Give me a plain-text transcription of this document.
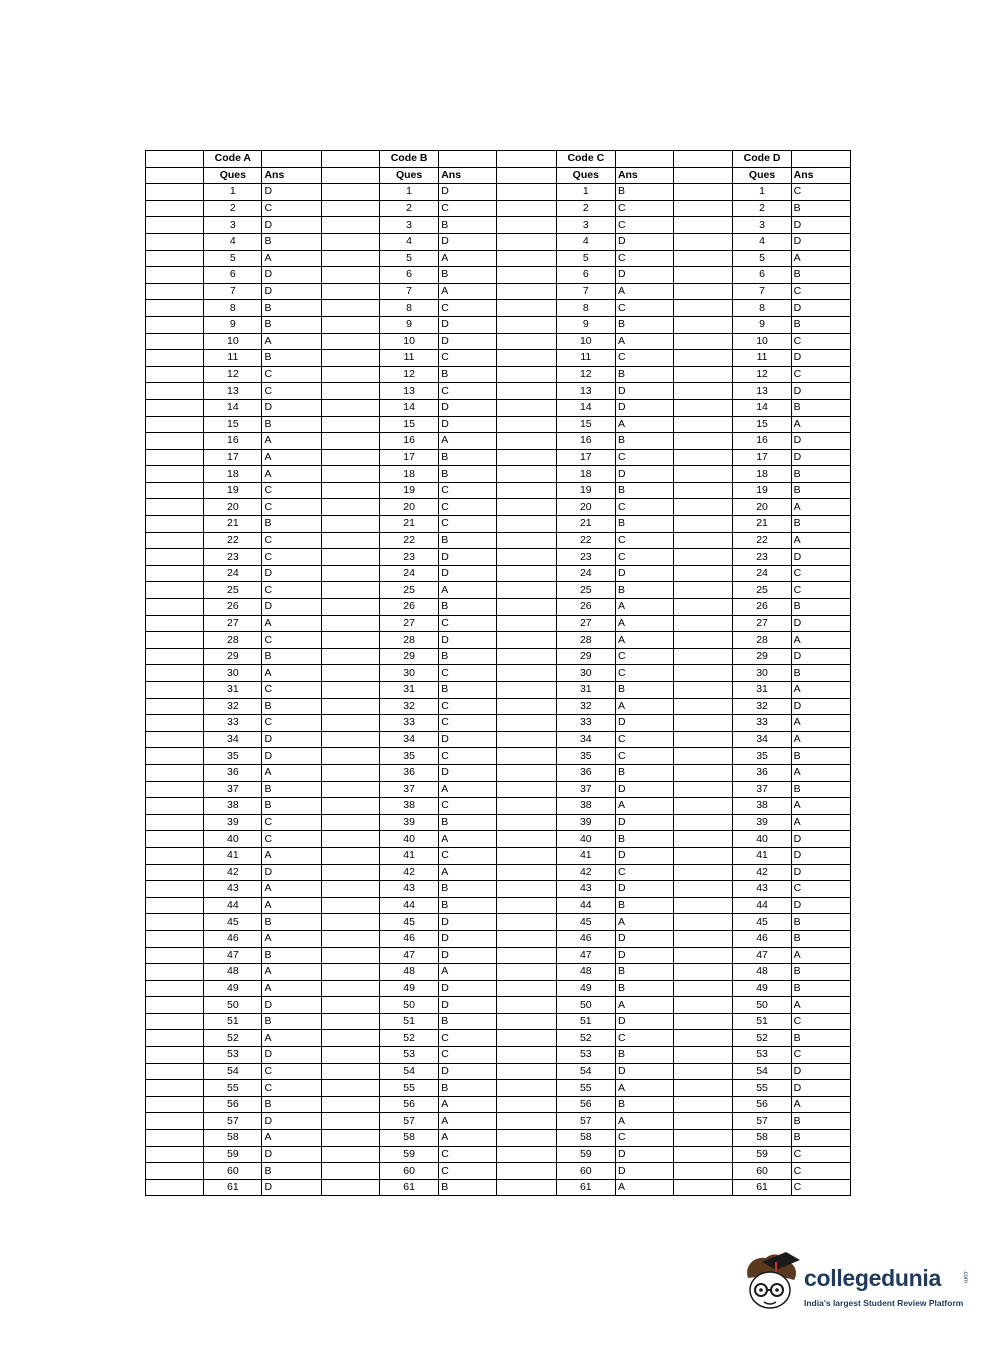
	Code A			Code B			Code C			Code D	
	Ques	Ans		Ques	Ans		Ques	Ans		Ques	Ans
	1	D		1	D		1	B		1	C
	2	C		2	C		2	C		2	B
	3	D		3	B		3	C		3	D
	4	B		4	D		4	D		4	D
	5	A		5	A		5	C		5	A
	6	D		6	B		6	D		6	B
	7	D		7	A		7	A		7	C
	8	B		8	C		8	C		8	D
	9	B		9	D		9	B		9	B
	10	A		10	D		10	A		10	C
	11	B		11	C		11	C		11	D
	12	C		12	B		12	B		12	C
	13	C		13	C		13	D		13	D
	14	D		14	D		14	D		14	B
	15	B		15	D		15	A		15	A
	16	A		16	A		16	B		16	D
	17	A		17	B		17	C		17	D
	18	A		18	B		18	D		18	B
	19	C		19	C		19	B		19	B
	20	C		20	C		20	C		20	A
	21	B		21	C		21	B		21	B
	22	C		22	B		22	C		22	A
	23	C		23	D		23	C		23	D
	24	D		24	D		24	D		24	C
	25	C		25	A		25	B		25	C
	26	D		26	B		26	A		26	B
	27	A		27	C		27	A		27	D
	28	C		28	D		28	A		28	A
	29	B		29	B		29	C		29	D
	30	A		30	C		30	C		30	B
	31	C		31	B		31	B		31	A
	32	B		32	C		32	A		32	D
	33	C		33	C		33	D		33	A
	34	D		34	D		34	C		34	A
	35	D		35	C		35	C		35	B
	36	A		36	D		36	B		36	A
	37	B		37	A		37	D		37	B
	38	B		38	C		38	A		38	A
	39	C		39	B		39	D		39	A
	40	C		40	A		40	B		40	D
	41	A		41	C		41	D		41	D
	42	D		42	A		42	C		42	D
	43	A		43	B		43	D		43	C
	44	A		44	B		44	B		44	D
	45	B		45	D		45	A		45	B
	46	A		46	D		46	D		46	B
	47	B		47	D		47	D		47	A
	48	A		48	A		48	B		48	B
	49	A		49	D		49	B		49	B
	50	D		50	D		50	A		50	A
	51	B		51	B		51	D		51	C
	52	A		52	C		52	C		52	B
	53	D		53	C		53	B		53	C
	54	C		54	D		54	D		54	D
	55	C		55	B		55	A		55	D
	56	B		56	A		56	B		56	A
	57	D		57	A		57	A		57	B
	58	A		58	A		58	C		58	B
	59	D		59	C		59	D		59	C
	60	B		60	C		60	D		60	C
	61	D		61	B		61	A		61	C
collegedunia	.com
India's largest Student Review Platform
